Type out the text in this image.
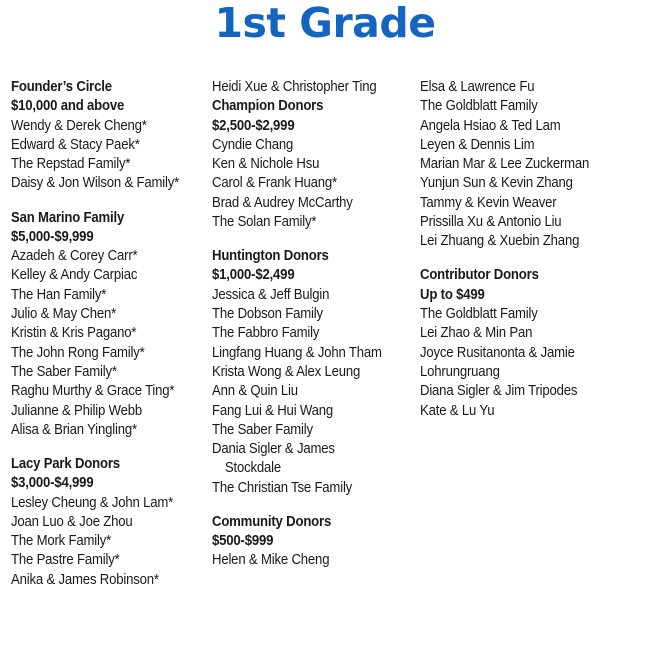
1st Grade
Founder’s Circle
$10,000 and above
Wendy & Derek Cheng*
Edward & Stacy Paek*
The Repstad Family*
Daisy & Jon Wilson & Family*
San Marino Family
$5,000-$9,999
Azadeh & Corey Carr*
Kelley & Andy Carpiac
The Han Family*
Julio & May Chen*
Kristin & Kris Pagano*
The John Rong Family*
The Saber Family*
Raghu Murthy & Grace Ting*
Julianne & Philip Webb
Alisa & Brian Yingling*
Lacy Park Donors
$3,000-$4,999
Lesley Cheung & John Lam*
Joan Luo & Joe Zhou
The Mork Family*
The Pastre Family*
Anika & James Robinson*
Heidi Xue & Christopher Ting
Champion Donors
$2,500-$2,999
Cyndie Chang
Ken & Nichole Hsu
Carol & Frank Huang*
Brad & Audrey McCarthy
The Solan Family*
Huntington Donors
$1,000-$2,499
Jessica & Jeff Bulgin
The Dobson Family
The Fabbro Family
Lingfang Huang & John Tham
Krista Wong & Alex Leung
Ann & Quin Liu
Fang Lui & Hui Wang
The Saber Family
Dania Sigler & James
Stockdale
The Christian Tse Family
Community Donors
$500-$999
Helen & Mike Cheng
Elsa & Lawrence Fu
The Goldblatt Family
Angela Hsiao & Ted Lam
Leyen & Dennis Lim
Marian Mar & Lee Zuckerman
Yunjun Sun & Kevin Zhang
Tammy & Kevin Weaver
Prissilla Xu & Antonio Liu
Lei Zhuang & Xuebin Zhang
Contributor Donors
Up to $499
The Goldblatt Family
Lei Zhao & Min Pan
Joyce Rusitanonta & Jamie
Lohrungruang
Diana Sigler & Jim Tripodes
Kate & Lu Yu
